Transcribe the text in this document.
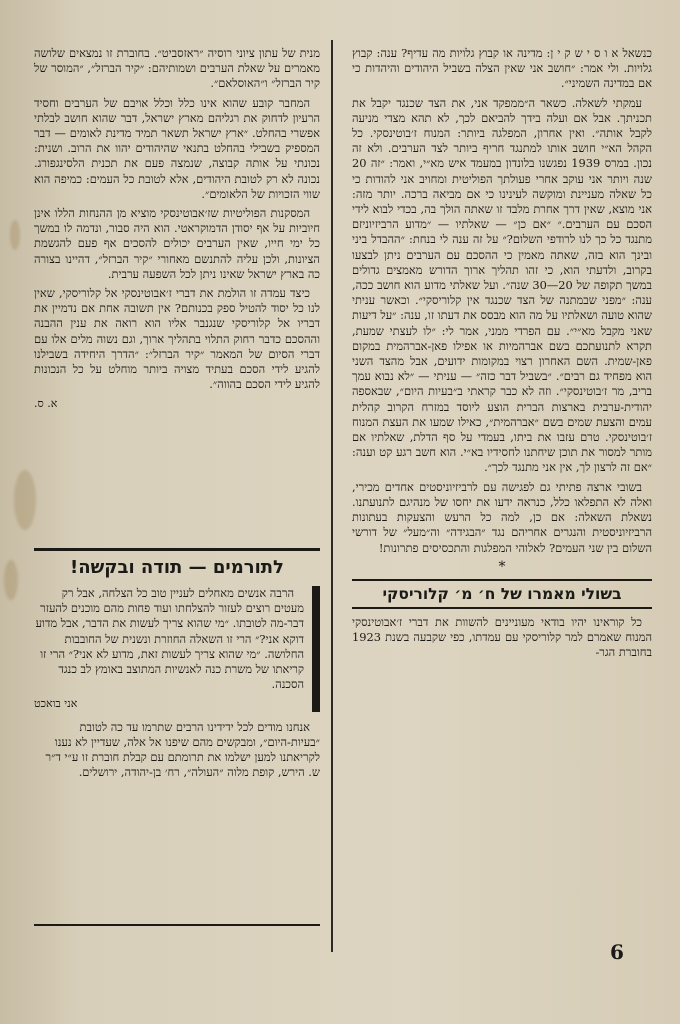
כנשאל א ו ס י ש ק י ן: מדינה או קבוץ גלויות מה עדיף? ענה: קבוץ גלויות. ולי אמר: ״חושב אני שאין הצלה בשביל היהודים והיהדות כי אם במדינה השמיני״.

עמקתי לשאלה. כשאר ה״ממפקד אני, את הצד שכנגד יקבל את תכניתך. אבל אם ועלה בידך להביאם לכך, לא תהא מצדי מניעה לקבל אותה״. ואין אחרון, המפלגה ביותר: המנוח ז׳בוטינסקי. כל הקהל הא״י חושב אותו למתנגד חריף ביותר לצד הערבים. ולא זה נכון. במרס 1939 נפגשנו בלונדון במעמד איש מא״י, ואמר: ״זה 20 שנה ויותר אני עוקב אחרי פעולתך הפוליטית ומחויב אני להודות כי כל שאלה מעניינת ומוקשה לעינינו כי אם מביאה ברכה. יותר מזה: אני מוצא, שאין דרך אחרת מלבד זו שאתה הולך בה, בכדי לבוא לידי הסכם עם הערבים.״ ״אם כן״ — שאלתיו — ״מדוע הרביזיוניזם מתנגד כל כך לנו לרודפי השלום?״ על זה ענה לי בנחת: ״ההבדל ביני ובינך הוא בזה, שאתה מאמין כי ההסכם עם הערבים ניתן לבצעו בקרוב, ולדעתי הוא, כי זהו תהליך ארוך הדורש מאמצים גדולים במשך תקופה של 20—30 שנה״. ועל שאלתי מדוע הוא חושב ככה, ענה: ״מפני שבמתנה של הצד שכנגד אין קלוריסקי״. וכאשר עניתי שהוא טועה ושאלתיו על מה הוא מבסס את דעתו זו, ענה: ״על דיעות שאני מקבל מא״י״. עם הפרדי ממני, אמר לי: ״לו לעצתי שמעת, תקרא לתנועתכם בשם אברהמיות או אפילו פאן-אברהמית במקום פאן-שמית. השם האחרון רצוי במקומות ידועים, אבל מהצד השני הוא מפחיד גם רבים״. ״בשביל דבר כזה״ — עניתי — ״לא נבוא עמך בריב, מר ז׳בוטינסקי״. וזה לא כבר קראתי ב״בעיות היום״, שבאספה יהודית-ערבית בארצות הברית הוצע ליוסד במזרח הקרוב קהלית עמים והצעת שמים בשם ״אברהמית״, כאילו שמעו את העצת המנוח ז׳בוטינסקי. טרם עזבו את ביתו, בעמדי על סף הדלת, שאלתיו אם מותר למסור את תוכן שיחתנו לחסידיו בא״י. הוא חשב רגע קט וענה: ״אם זה לרצון לך, אין אני מתנגד לכך״.

בשובי ארצה פתיתי גם לפגישה עם לרביזיוניסטים אחדים מכירי, ואלה לא התפלאו כלל, כנראה ידעו את יחסו של מנהיגם לתנועתנו. נשאלת השאלה: אם כן, למה כל הרעש והצעקות בעתונות הרביזיוניסטית והנגרים אחריהם נגד ״הבגידה״ וה״מעל״ של דורשי השלום בין שני העמים? לאלוהי המפלגות והתכסיסים פתרונות!

*

בשולי מאמרו של ח׳ מ׳ קלוריסקי

כל קוראינו יהיו בודאי מעוניינים להשוות את דברי ז׳אבוטינסקי המנוח שאמרם למר קלוריסקי עם עמדתו, כפי שקבעה בשנת 1923 בחוברת הגר-

מנית של עתון ציוני רוסיה ״ראזסביט״. בחוברת זו נמצאים שלושה מאמרים על שאלת הערבים ושמותיהם: ״קיר הברזל״, ״המוסר של קיר הברזל״ ו״האוסלאם״.

המחבר קובע שהוא אינו כלל וכלל אויבם של הערבים וחסיד הרעיון לדחוק את רגליהם מארץ ישראל, דבר שהוא חושב לבלתי אפשרי בהחלט. ״ארץ ישראל תשאר תמיד מדינת לאומים — דבר המספיק בשבילי בהחלט בתנאי שהיהודים יהוו את הרוב. ושנית: נכונתי על אותה קבוצה, שנמצה פעם את תכנית הלסינגפורג. נכונה לא רק לטובת היהודים, אלא לטובת כל העמים: כמיפה הוא שווי הזכויות של הלאומים״.

המסקנות הפוליטיות שז׳אבוטינסקי מוציא מן ההנחות הללו אינן חיוביות על אף יסודן הדמוקראטי. הוא היה סבור, ונדמה לו במשך כל ימי חייו, שאין הערבים יכולים להסכים אף פעם להגשמת הציונות, ולכן עליה להתנשם מאחורי ״קיר הברזל״, דהיינו בצורה כה בארץ ישראל שאינו ניתן לכל השפעה ערבית.

כיצד עמדה זו הולמת את דברי ז׳אבוטינסקי אל קלוריסקי, שאין לנו כל יסוד להטיל ספק בכנותם? אין תשובה אחת אם נדמיין את דבריו אל קלוריסקי שנגנבר אליו הוא רואה את ענין ההבנה וההסכם כדבר רחוק התלוי בתהליך ארוך, וגם נשוה מלים אלו עם דברי הסיום של המאמר ״קיר הברזל״: ״הדרך היחידה בשבילנו להגיע לידי הסכם בעתיד מצויה ביותר מוחלט על כל הנכונות להגיע לידי הסכם בהווה״.

א. ס.

לתורמים — תודה ובקשה!

הרבה אנשים מאחלים לעניין טוב כל הצלחה, אבל רק מעטים רוצים לעזור להצלחתו ועוד פחות מהם מוכנים להעזר דבר-מה לטובתו. ״מי שהוא צריך לעשות את הדבר, אבל מדוע דוקא אני?״ הרי זו השאלה החוזרת ונשנית של החובבות החלושה. ״מי שהוא צריך לעשות זאת, מדוע לא אני?״ הרי זו קריאתו של משרת כנה לאנשיות המתוצב באומץ לב כנגד הסכנה.

אני בואכט

אנחנו מודים לכל ידידינו הרבים שתרמו עד כה לטובת ״בעיות-היום״, ומבקשים מהם שיפנו אל אלה, שעדיין לא נענו לקריאתנו למען ישלמו את תרומתם עם קבלת חוברת זו ע״י ד״ר ש. הירש, קופת מלוה ״העולה״, רח׳ בן-יהודה, ירושלים.

6
